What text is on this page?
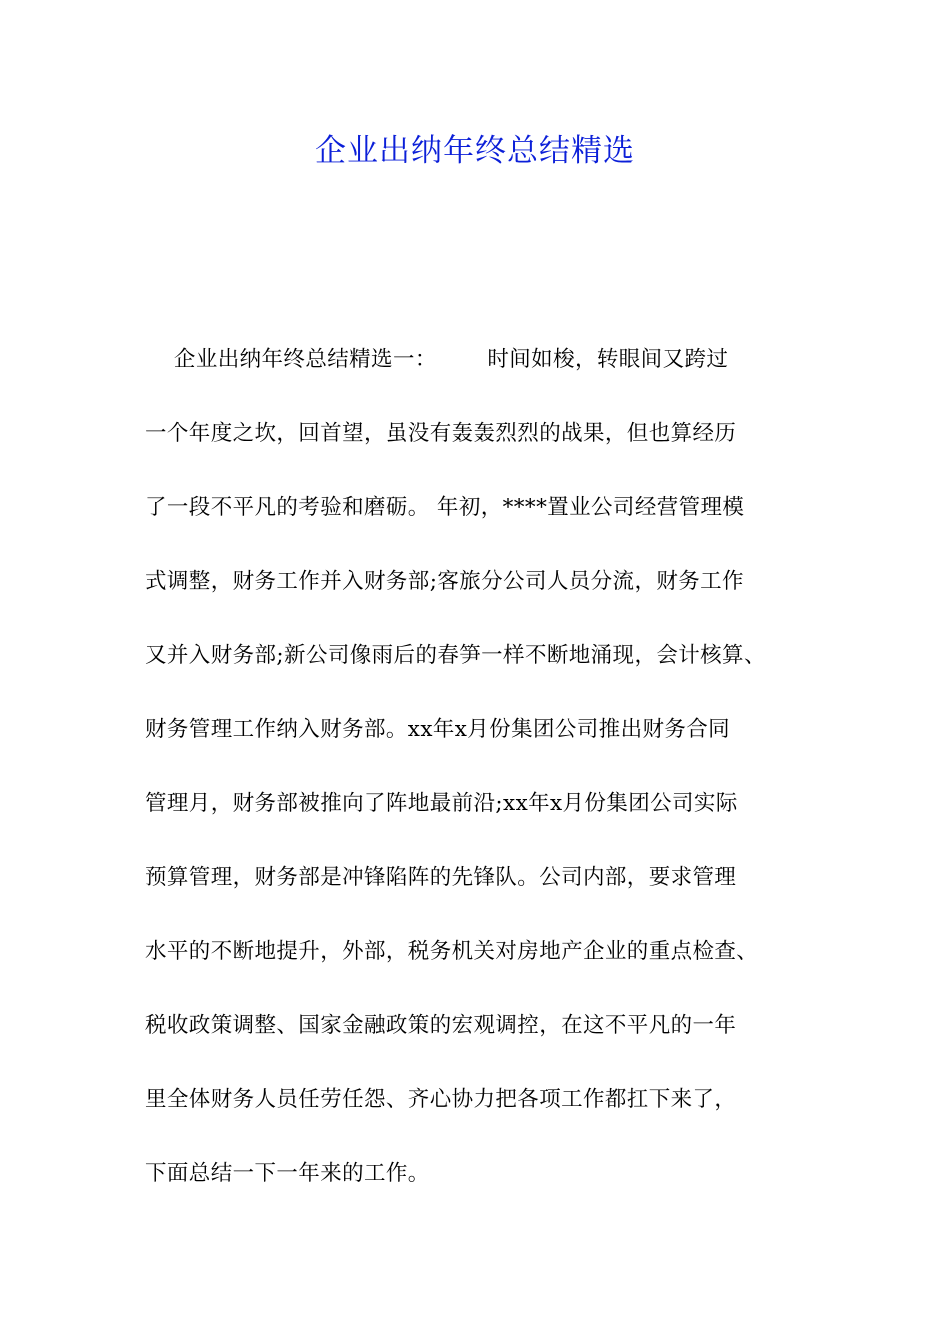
企业出纳年终总结精选
企业出纳年终总结精选一：       时间如梭，转眼间又跨过
一个年度之坎，回首望，虽没有轰轰烈烈的战果，但也算经历
了一段不平凡的考验和磨砺。 年初，****置业公司经营管理模
式调整，财务工作并入财务部;客旅分公司人员分流，财务工作
又并入财务部;新公司像雨后的春笋一样不断地涌现，会计核算、
财务管理工作纳入财务部。xx年x月份集团公司推出财务合同
管理月，财务部被推向了阵地最前沿;xx年x月份集团公司实际
预算管理，财务部是冲锋陷阵的先锋队。公司内部，要求管理
水平的不断地提升，外部，税务机关对房地产企业的重点检查、
税收政策调整、国家金融政策的宏观调控，在这不平凡的一年
里全体财务人员任劳任怨、齐心协力把各项工作都扛下来了，
下面总结一下一年来的工作。
